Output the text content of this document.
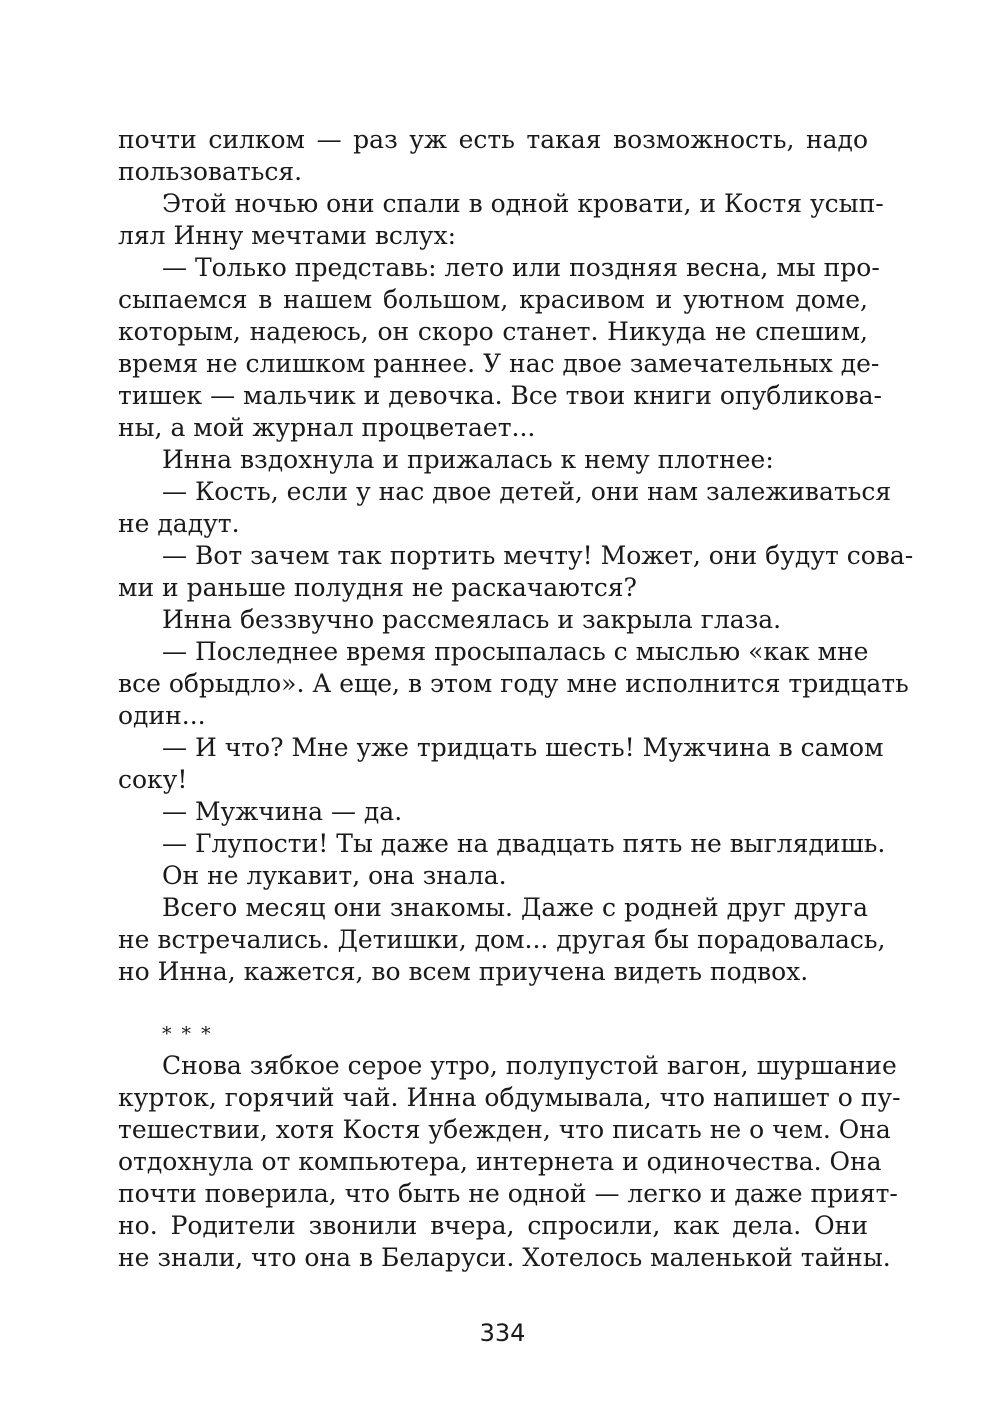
почти силком — раз уж есть такая возможность, надо
пользоваться.
Этой ночью они спали в одной кровати, и Костя усып-
лял Инну мечтами вслух:
— Только представь: лето или поздняя весна, мы про-
сыпаемся в нашем большом, красивом и уютном доме,
которым, надеюсь, он скоро станет. Никуда не спешим,
время не слишком раннее. У нас двое замечательных де-
тишек — мальчик и девочка. Все твои книги опубликова-
ны, а мой журнал процветает...
Инна вздохнула и прижалась к нему плотнее:
— Кость, если у нас двое детей, они нам залеживаться
не дадут.
— Вот зачем так портить мечту! Может, они будут сова-
ми и раньше полудня не раскачаются?
Инна беззвучно рассмеялась и закрыла глаза.
— Последнее время просыпалась с мыслью «как мне
все обрыдло». А еще, в этом году мне исполнится тридцать
один...
— И что? Мне уже тридцать шесть! Мужчина в самом
соку!
— Мужчина — да.
— Глупости! Ты даже на двадцать пять не выглядишь.
Он не лукавит, она знала.
Всего месяц они знакомы. Даже с родней друг друга
не встречались. Детишки, дом... другая бы порадовалась,
но Инна, кажется, во всем приучена видеть подвох.
* * *
Снова зябкое серое утро, полупустой вагон, шуршание
курток, горячий чай. Инна обдумывала, что напишет о пу-
тешествии, хотя Костя убежден, что писать не о чем. Она
отдохнула от компьютера, интернета и одиночества. Она
почти поверила, что быть не одной — легко и даже прият-
но. Родители звонили вчера, спросили, как дела. Они
не знали, что она в Беларуси. Хотелось маленькой тайны.
334
